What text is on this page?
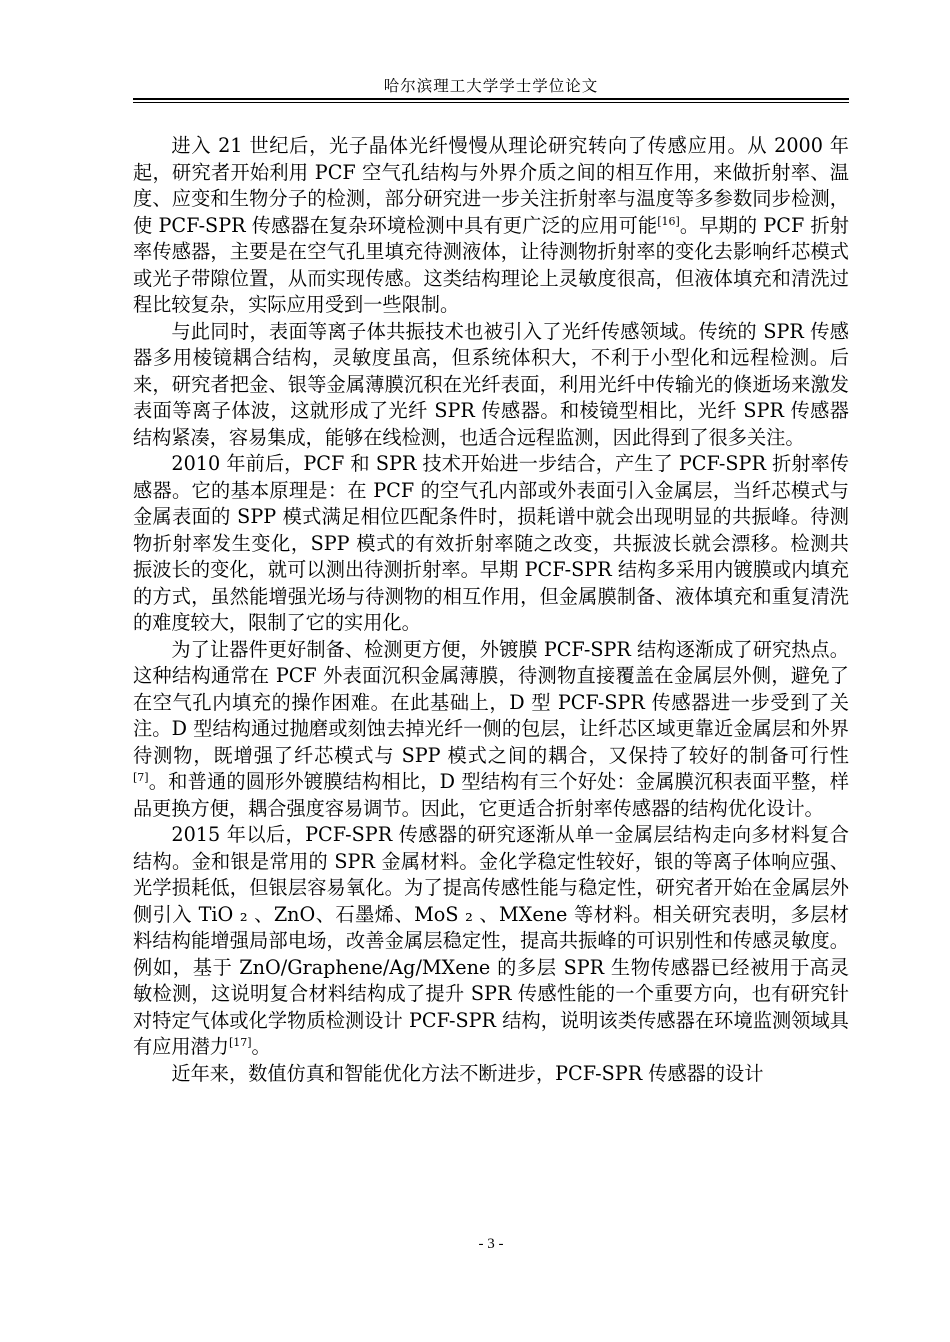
哈尔滨理工大学学士学位论文

进入 21 世纪后，光子晶体光纤慢慢从理论研究转向了传感应用。从 2000 年起，研究者开始利用 PCF 空气孔结构与外界介质之间的相互作用，来做折射率、温度、应变和生物分子的检测，部分研究进一步关注折射率与温度等多参数同步检测，使 PCF-SPR 传感器在复杂环境检测中具有更广泛的应用可能[16]。早期的 PCF 折射率传感器，主要是在空气孔里填充待测液体，让待测物折射率的变化去影响纤芯模式或光子带隙位置，从而实现传感。这类结构理论上灵敏度很高，但液体填充和清洗过程比较复杂，实际应用受到一些限制。

与此同时，表面等离子体共振技术也被引入了光纤传感领域。传统的 SPR 传感器多用棱镜耦合结构，灵敏度虽高，但系统体积大，不利于小型化和远程检测。后来，研究者把金、银等金属薄膜沉积在光纤表面，利用光纤中传输光的倏逝场来激发表面等离子体波，这就形成了光纤 SPR 传感器。和棱镜型相比，光纤 SPR 传感器结构紧凑，容易集成，能够在线检测，也适合远程监测，因此得到了很多关注。

2010 年前后，PCF 和 SPR 技术开始进一步结合，产生了 PCF-SPR 折射率传感器。它的基本原理是：在 PCF 的空气孔内部或外表面引入金属层，当纤芯模式与金属表面的 SPP 模式满足相位匹配条件时，损耗谱中就会出现明显的共振峰。待测物折射率发生变化，SPP 模式的有效折射率随之改变，共振波长就会漂移。检测共振波长的变化，就可以测出待测折射率。早期 PCF-SPR 结构多采用内镀膜或内填充的方式，虽然能增强光场与待测物的相互作用，但金属膜制备、液体填充和重复清洗的难度较大，限制了它的实用化。

为了让器件更好制备、检测更方便，外镀膜 PCF-SPR 结构逐渐成了研究热点。这种结构通常在 PCF 外表面沉积金属薄膜，待测物直接覆盖在金属层外侧，避免了在空气孔内填充的操作困难。在此基础上，D 型 PCF-SPR 传感器进一步受到了关注。D 型结构通过抛磨或刻蚀去掉光纤一侧的包层，让纤芯区域更靠近金属层和外界待测物，既增强了纤芯模式与 SPP 模式之间的耦合，又保持了较好的制备可行性[7]。和普通的圆形外镀膜结构相比，D 型结构有三个好处：金属膜沉积表面平整，样品更换方便，耦合强度容易调节。因此，它更适合折射率传感器的结构优化设计。

2015 年以后，PCF-SPR 传感器的研究逐渐从单一金属层结构走向多材料复合结构。金和银是常用的 SPR 金属材料。金化学稳定性较好，银的等离子体响应强、光学损耗低，但银层容易氧化。为了提高传感性能与稳定性，研究者开始在金属层外侧引入 TiO ₂ 、ZnO、石墨烯、MoS ₂ 、MXene 等材料。相关研究表明，多层材料结构能增强局部电场，改善金属层稳定性，提高共振峰的可识别性和传感灵敏度。例如，基于 ZnO/Graphene/Ag/MXene 的多层 SPR 生物传感器已经被用于高灵敏检测，这说明复合材料结构成了提升 SPR 传感性能的一个重要方向，也有研究针对特定气体或化学物质检测设计 PCF-SPR 结构，说明该类传感器在环境监测领域具有应用潜力[17]。

近年来，数值仿真和智能优化方法不断进步，PCF-SPR 传感器的设计

- 3 -
